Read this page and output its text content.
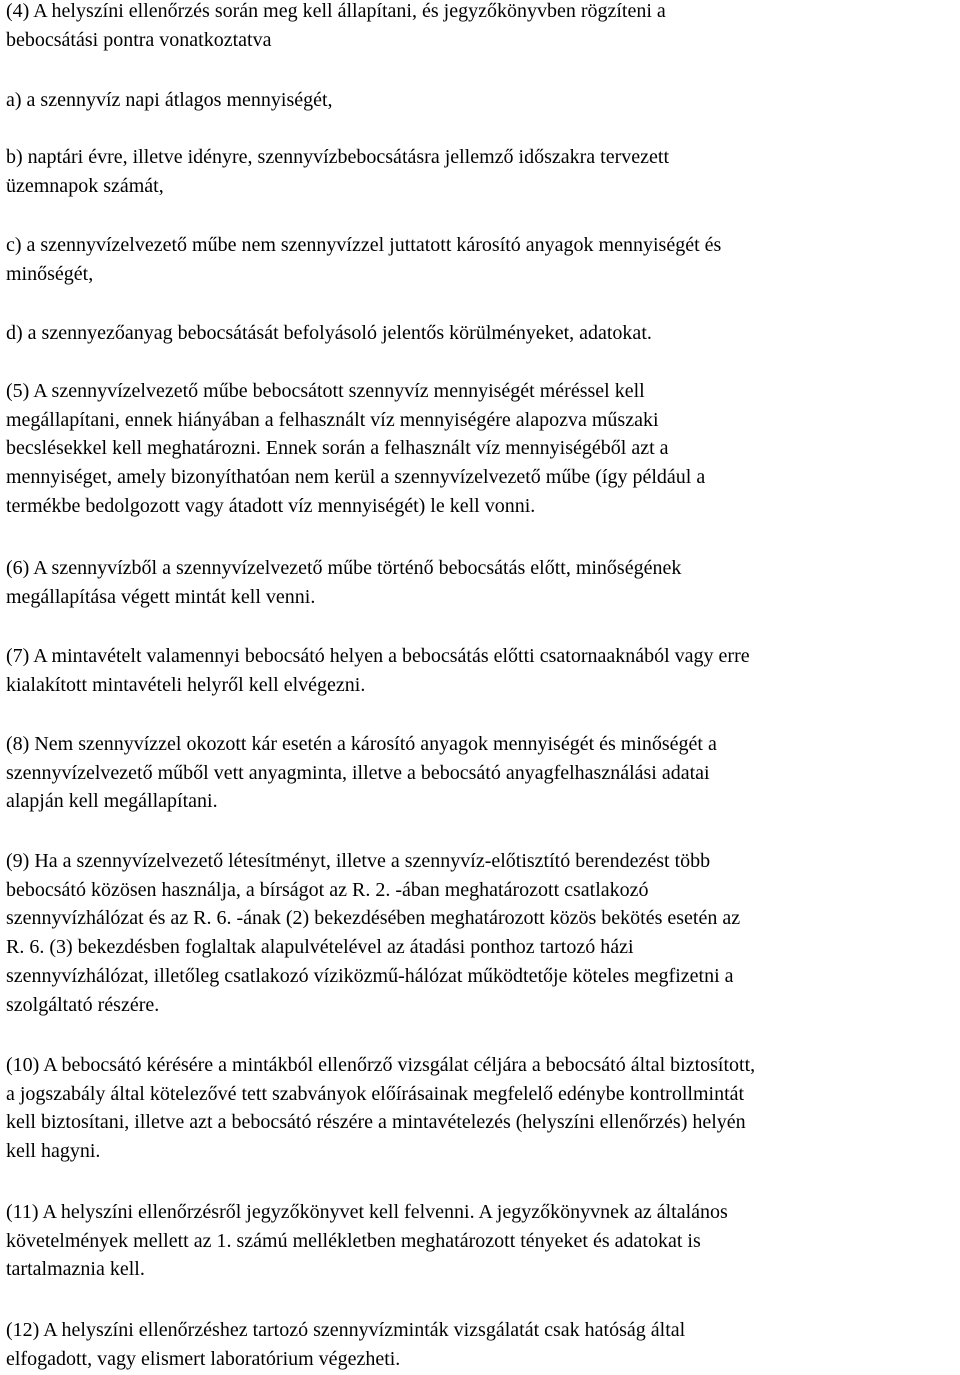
(4) A helyszíni ellenőrzés során meg kell állapítani, és jegyzőkönyvben rögzíteni a
bebocsátási pontra vonatkoztatva
a) a szennyvíz napi átlagos mennyiségét,
b) naptári évre, illetve idényre, szennyvízbebocsátásra jellemző időszakra tervezett
üzemnapok számát,
c) a szennyvízelvezető műbe nem szennyvízzel juttatott károsító anyagok mennyiségét és
minőségét,
d) a szennyezőanyag bebocsátását befolyásoló jelentős körülményeket, adatokat.
(5) A szennyvízelvezető műbe bebocsátott szennyvíz mennyiségét méréssel kell
megállapítani, ennek hiányában a felhasznált víz mennyiségére alapozva műszaki
becslésekkel kell meghatározni. Ennek során a felhasznált víz mennyiségéből azt a
mennyiséget, amely bizonyíthatóan nem kerül a szennyvízelvezető műbe (így például a
termékbe bedolgozott vagy átadott víz mennyiségét) le kell vonni.
(6) A szennyvízből a szennyvízelvezető műbe történő bebocsátás előtt, minőségének
megállapítása végett mintát kell venni.
(7) A mintavételt valamennyi bebocsátó helyen a bebocsátás előtti csatornaaknából vagy erre
kialakított mintavételi helyről kell elvégezni.
(8) Nem szennyvízzel okozott kár esetén a károsító anyagok mennyiségét és minőségét a
szennyvízelvezető műből vett anyagminta, illetve a bebocsátó anyagfelhasználási adatai
alapján kell megállapítani.
(9) Ha a szennyvízelvezető létesítményt, illetve a szennyvíz-előtisztító berendezést több
bebocsátó közösen használja, a bírságot az R. 2. -ában meghatározott csatlakozó
szennyvízhálózat és az R. 6. -ának (2) bekezdésében meghatározott közös bekötés esetén az
R. 6. (3) bekezdésben foglaltak alapulvételével az átadási ponthoz tartozó házi
szennyvízhálózat, illetőleg csatlakozó víziközmű-hálózat működtetője köteles megfizetni a
szolgáltató részére.
(10) A bebocsátó kérésére a mintákból ellenőrző vizsgálat céljára a bebocsátó által biztosított,
a jogszabály által kötelezővé tett szabványok előírásainak megfelelő edénybe kontrollmintát
kell biztosítani, illetve azt a bebocsátó részére a mintavételezés (helyszíni ellenőrzés) helyén
kell hagyni.
(11) A helyszíni ellenőrzésről jegyzőkönyvet kell felvenni. A jegyzőkönyvnek az általános
követelmények mellett az 1. számú mellékletben meghatározott tényeket és adatokat is
tartalmaznia kell.
(12) A helyszíni ellenőrzéshez tartozó szennyvízminták vizsgálatát csak hatóság által
elfogadott, vagy elismert laboratórium végezheti.
